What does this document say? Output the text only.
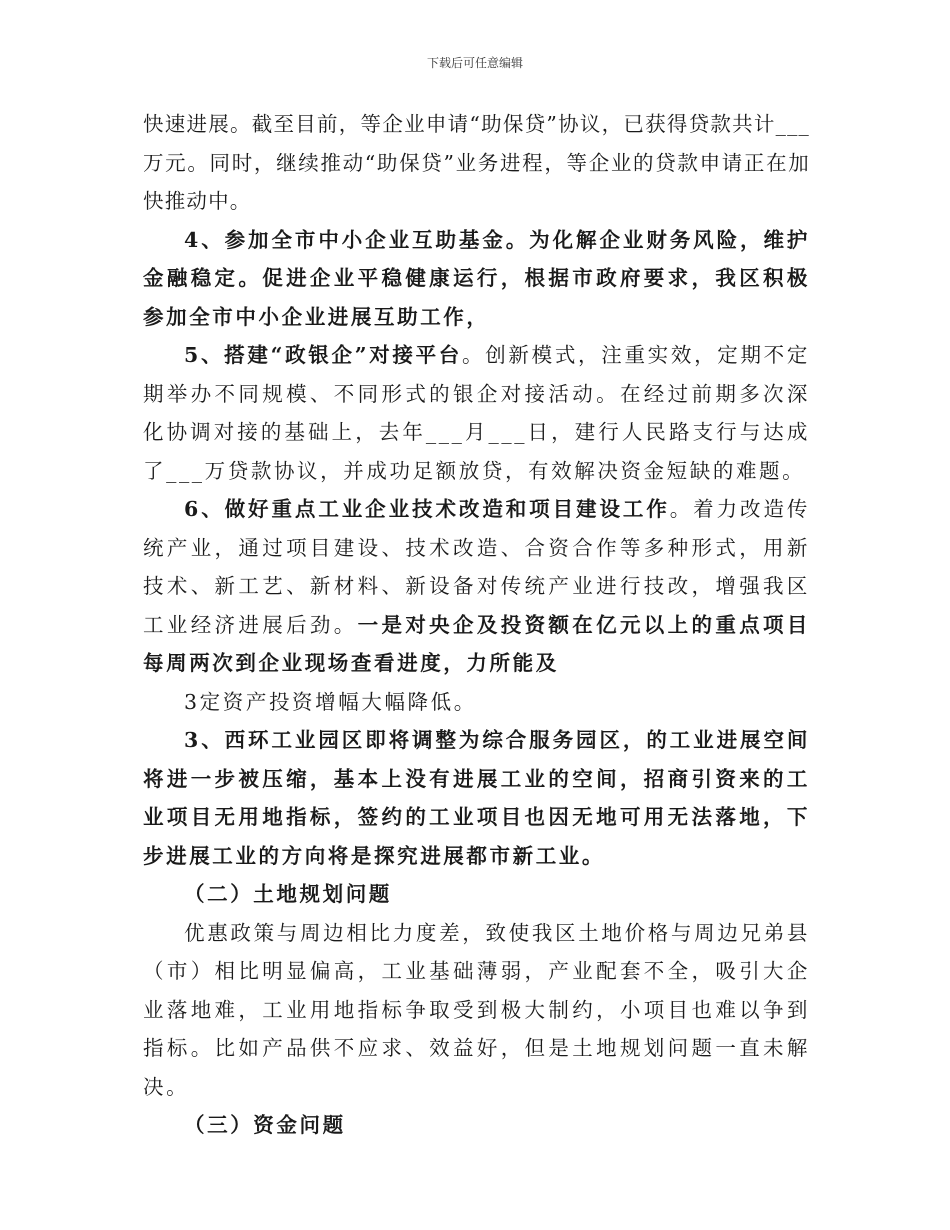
下载后可任意编辑

快速进展。截至目前，等企业申请“助保贷”协议，已获得贷款共计___万元。同时，继续推动“助保贷”业务进程，等企业的贷款申请正在加快推动中。

4、参加全市中小企业互助基金。为化解企业财务风险，维护金融稳定。促进企业平稳健康运行，根据市政府要求，我区积极参加全市中小企业进展互助工作，

5、搭建“政银企”对接平台。创新模式，注重实效，定期不定期举办不同规模、不同形式的银企对接活动。在经过前期多次深化协调对接的基础上，去年___月___日，建行人民路支行与达成了___万贷款协议，并成功足额放贷，有效解决资金短缺的难题。

6、做好重点工业企业技术改造和项目建设工作。着力改造传统产业，通过项目建设、技术改造、合资合作等多种形式，用新技术、新工艺、新材料、新设备对传统产业进行技改，增强我区工业经济进展后劲。一是对央企及投资额在亿元以上的重点项目每周两次到企业现场查看进度，力所能及

3定资产投资增幅大幅降低。

3、西环工业园区即将调整为综合服务园区，的工业进展空间将进一步被压缩，基本上没有进展工业的空间，招商引资来的工业项目无用地指标，签约的工业项目也因无地可用无法落地，下步进展工业的方向将是探究进展都市新工业。

（二）土地规划问题

优惠政策与周边相比力度差，致使我区土地价格与周边兄弟县（市）相比明显偏高，工业基础薄弱，产业配套不全，吸引大企业落地难，工业用地指标争取受到极大制约，小项目也难以争到指标。比如产品供不应求、效益好，但是土地规划问题一直未解决。

（三）资金问题
